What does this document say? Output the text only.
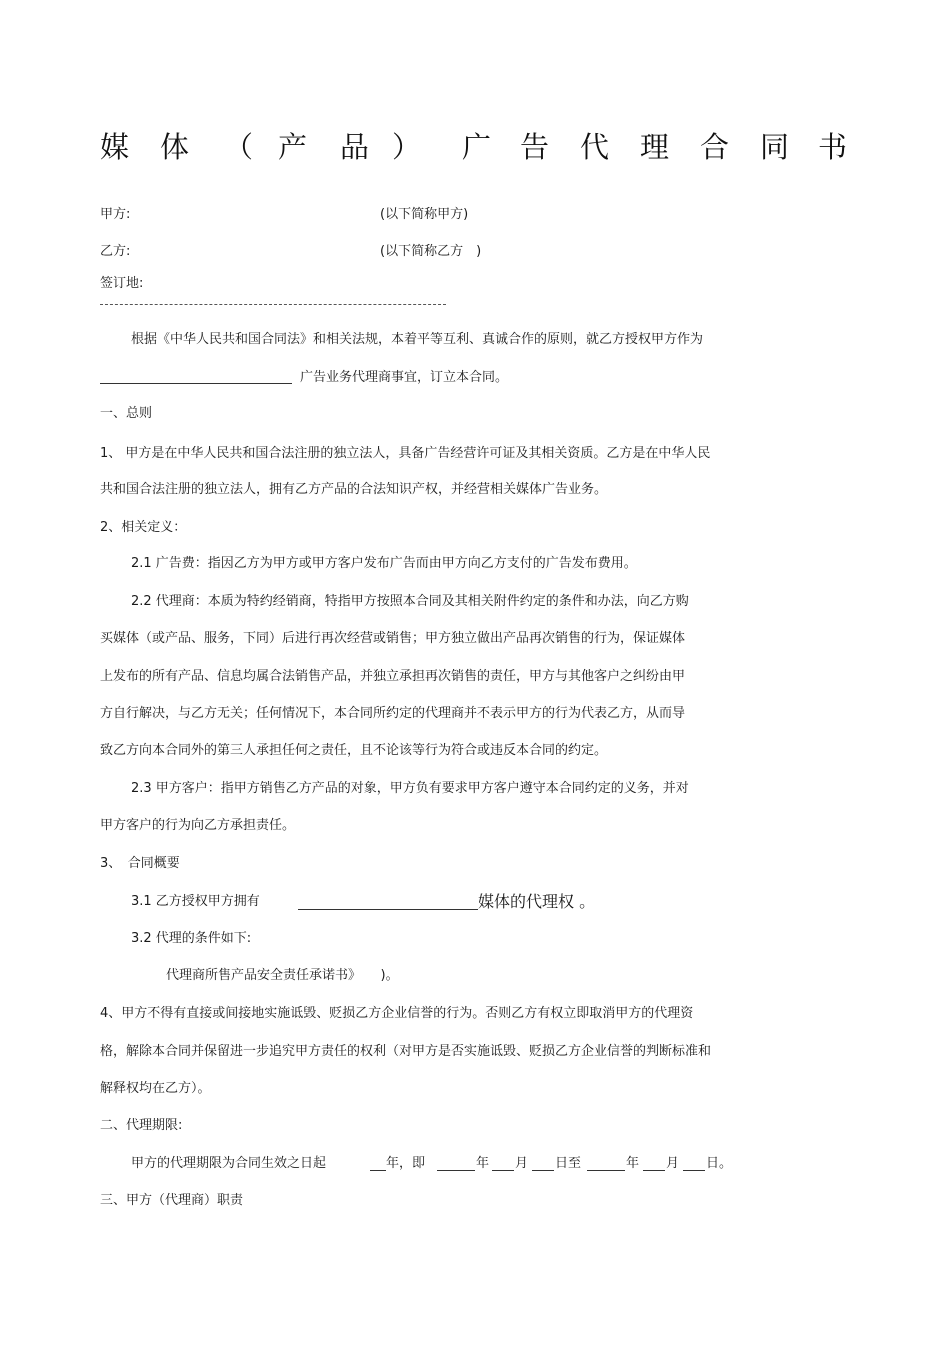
媒 体 （ 产 品 ） 广 告 代 理 合 同 书
甲方:	(以下简称甲方)
乙方:	(以下简称乙方　)
签订地:
根据《中华人民共和国合同法》和相关法规，本着平等互利、真诚合作的原则，就乙方授权甲方作为
广告业务代理商事宜，订立本合同。
一、总则
1、 甲方是在中华人民共和国合法注册的独立法人，具备广告经营许可证及其相关资质。乙方是在中华人民
共和国合法注册的独立法人，拥有乙方产品的合法知识产权，并经营相关媒体广告业务。
2、相关定义：
2.1 广告费：指因乙方为甲方或甲方客户发布广告而由甲方向乙方支付的广告发布费用。
2.2 代理商：本质为特约经销商，特指甲方按照本合同及其相关附件约定的条件和办法，向乙方购
买媒体（或产品、服务，下同）后进行再次经营或销售；甲方独立做出产品再次销售的行为，保证媒体
上发布的所有产品、信息均属合法销售产品，并独立承担再次销售的责任，甲方与其他客户之纠纷由甲
方自行解决，与乙方无关；任何情况下，本合同所约定的代理商并不表示甲方的行为代表乙方，从而导
致乙方向本合同外的第三人承担任何之责任，且不论该等行为符合或违反本合同的约定。
2.3 甲方客户：指甲方销售乙方产品的对象，甲方负有要求甲方客户遵守本合同约定的义务，并对
甲方客户的行为向乙方承担责任。
3、　合同概要
3.1 乙方授权甲方拥有	媒体的代理权 。
3.2 代理的条件如下:
代理商所售产品安全责任承诺书》　　)。
4、甲方不得有直接或间接地实施诋毁、贬损乙方企业信誉的行为。否则乙方有权立即取消甲方的代理资
格，解除本合同并保留进一步追究甲方责任的权利（对甲方是否实施诋毁、贬损乙方企业信誉的判断标准和
解释权均在乙方）。
二、代理期限:
甲方的代理期限为合同生效之日起	年，即	年 月 日至	年 月 日。
三、甲方（代理商）职责
